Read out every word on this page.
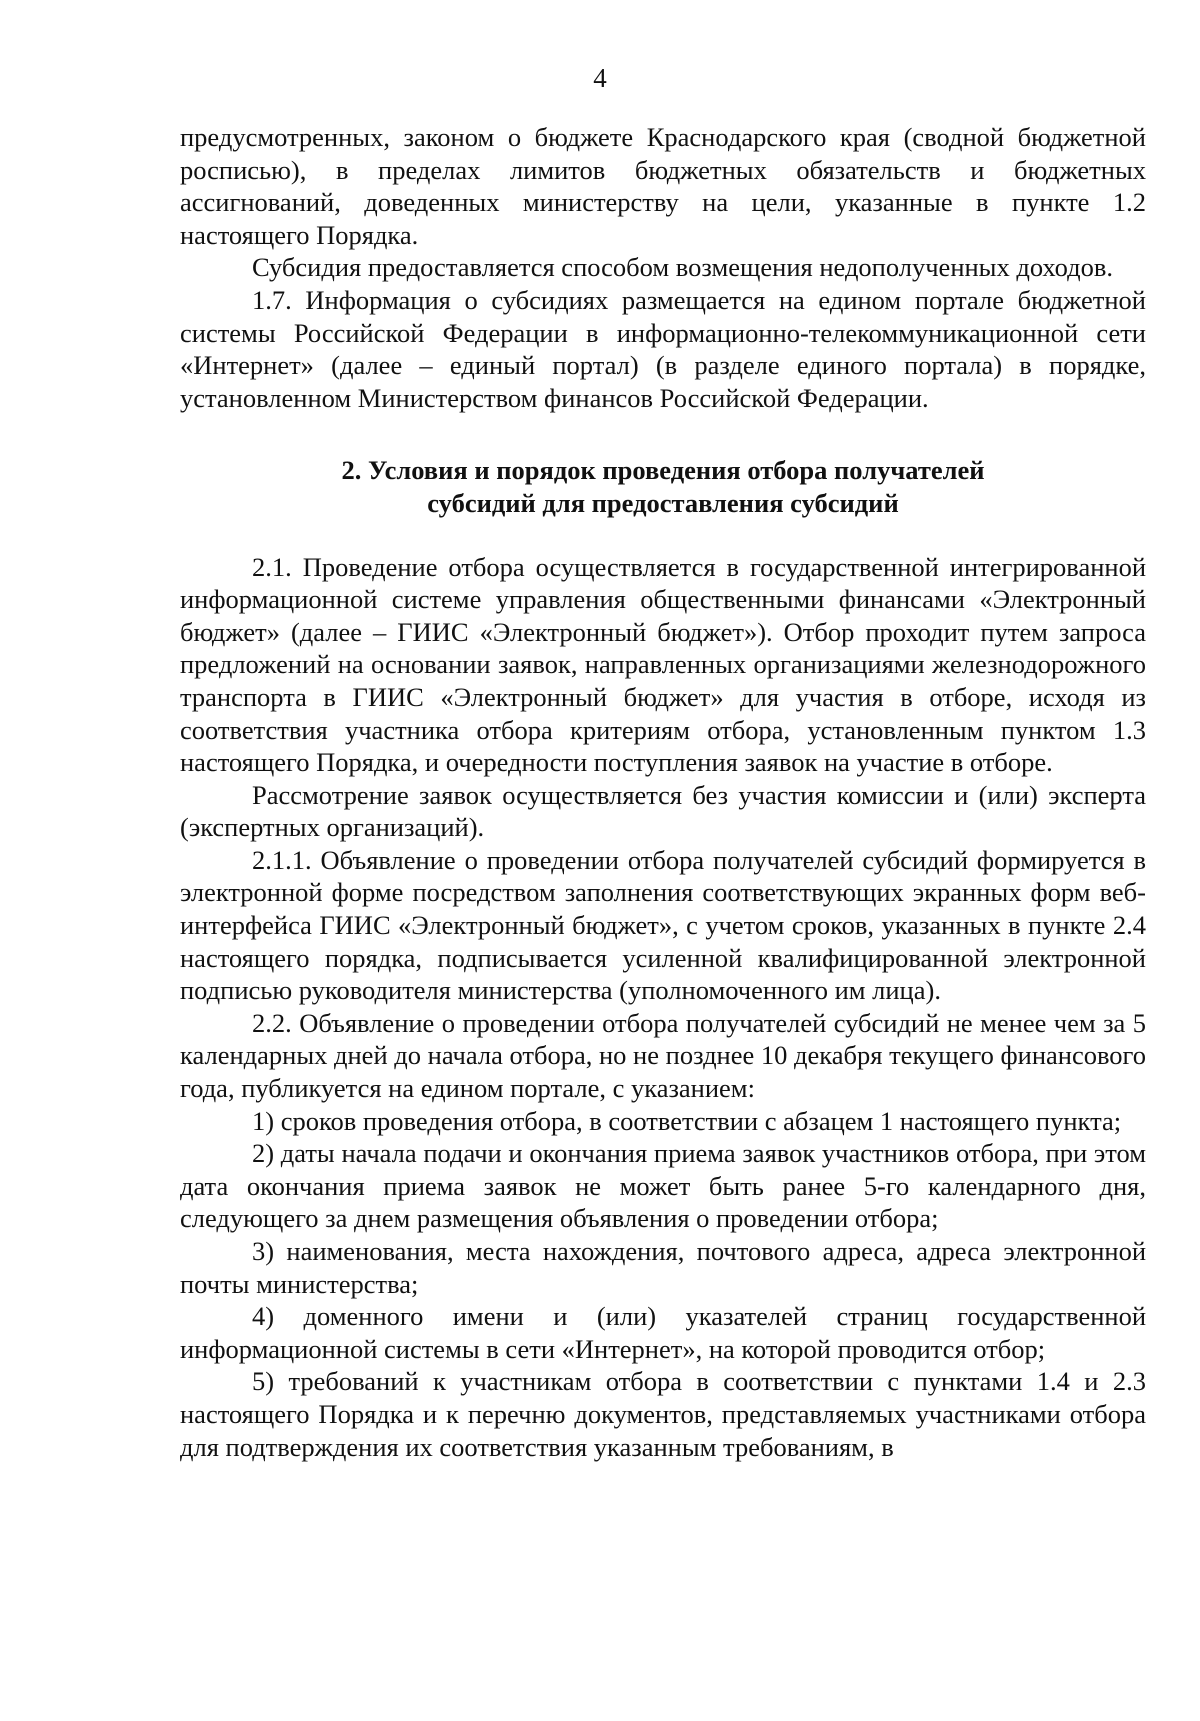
4

предусмотренных, законом о бюджете Краснодарского края (сводной бюджетной росписью), в пределах лимитов бюджетных обязательств и бюджетных ассигнований, доведенных министерству на цели, указанные в пункте 1.2 настоящего Порядка.

Субсидия предоставляется способом возмещения недополученных доходов.

1.7. Информация о субсидиях размещается на едином портале бюджетной системы Российской Федерации в информационно-телекоммуникационной сети «Интернет» (далее – единый портал) (в разделе единого портала) в порядке, установленном Министерством финансов Российской Федерации.

2. Условия и порядок проведения отбора получателей
субсидий для предоставления субсидий

2.1. Проведение отбора осуществляется в государственной интегрированной информационной системе управления общественными финансами «Электронный бюджет» (далее – ГИИС «Электронный бюджет»). Отбор проходит путем запроса предложений на основании заявок, направленных организациями железнодорожного транспорта в ГИИС «Электронный бюджет» для участия в отборе, исходя из соответствия участника отбора критериям отбора, установленным пунктом 1.3 настоящего Порядка, и очередности поступления заявок на участие в отборе.

Рассмотрение заявок осуществляется без участия комиссии и (или) эксперта (экспертных организаций).

2.1.1. Объявление о проведении отбора получателей субсидий формируется в электронной форме посредством заполнения соответствующих экранных форм веб-интерфейса ГИИС «Электронный бюджет», с учетом сроков, указанных в пункте 2.4 настоящего порядка, подписывается усиленной квалифицированной электронной подписью руководителя министерства (уполномоченного им лица).

2.2. Объявление о проведении отбора получателей субсидий не менее чем за 5 календарных дней до начала отбора, но не позднее 10 декабря текущего финансового года, публикуется на едином портале, с указанием:

1) сроков проведения отбора, в соответствии с абзацем 1 настоящего пункта;

2) даты начала подачи и окончания приема заявок участников отбора, при этом дата окончания приема заявок не может быть ранее 5-го календарного дня, следующего за днем размещения объявления о проведении отбора;

3) наименования, места нахождения, почтового адреса, адреса электронной почты министерства;

4) доменного имени и (или) указателей страниц государственной информационной системы в сети «Интернет», на которой проводится отбор;

5) требований к участникам отбора в соответствии с пунктами 1.4 и 2.3 настоящего Порядка и к перечню документов, представляемых участниками отбора для подтверждения их соответствия указанным требованиям, в
